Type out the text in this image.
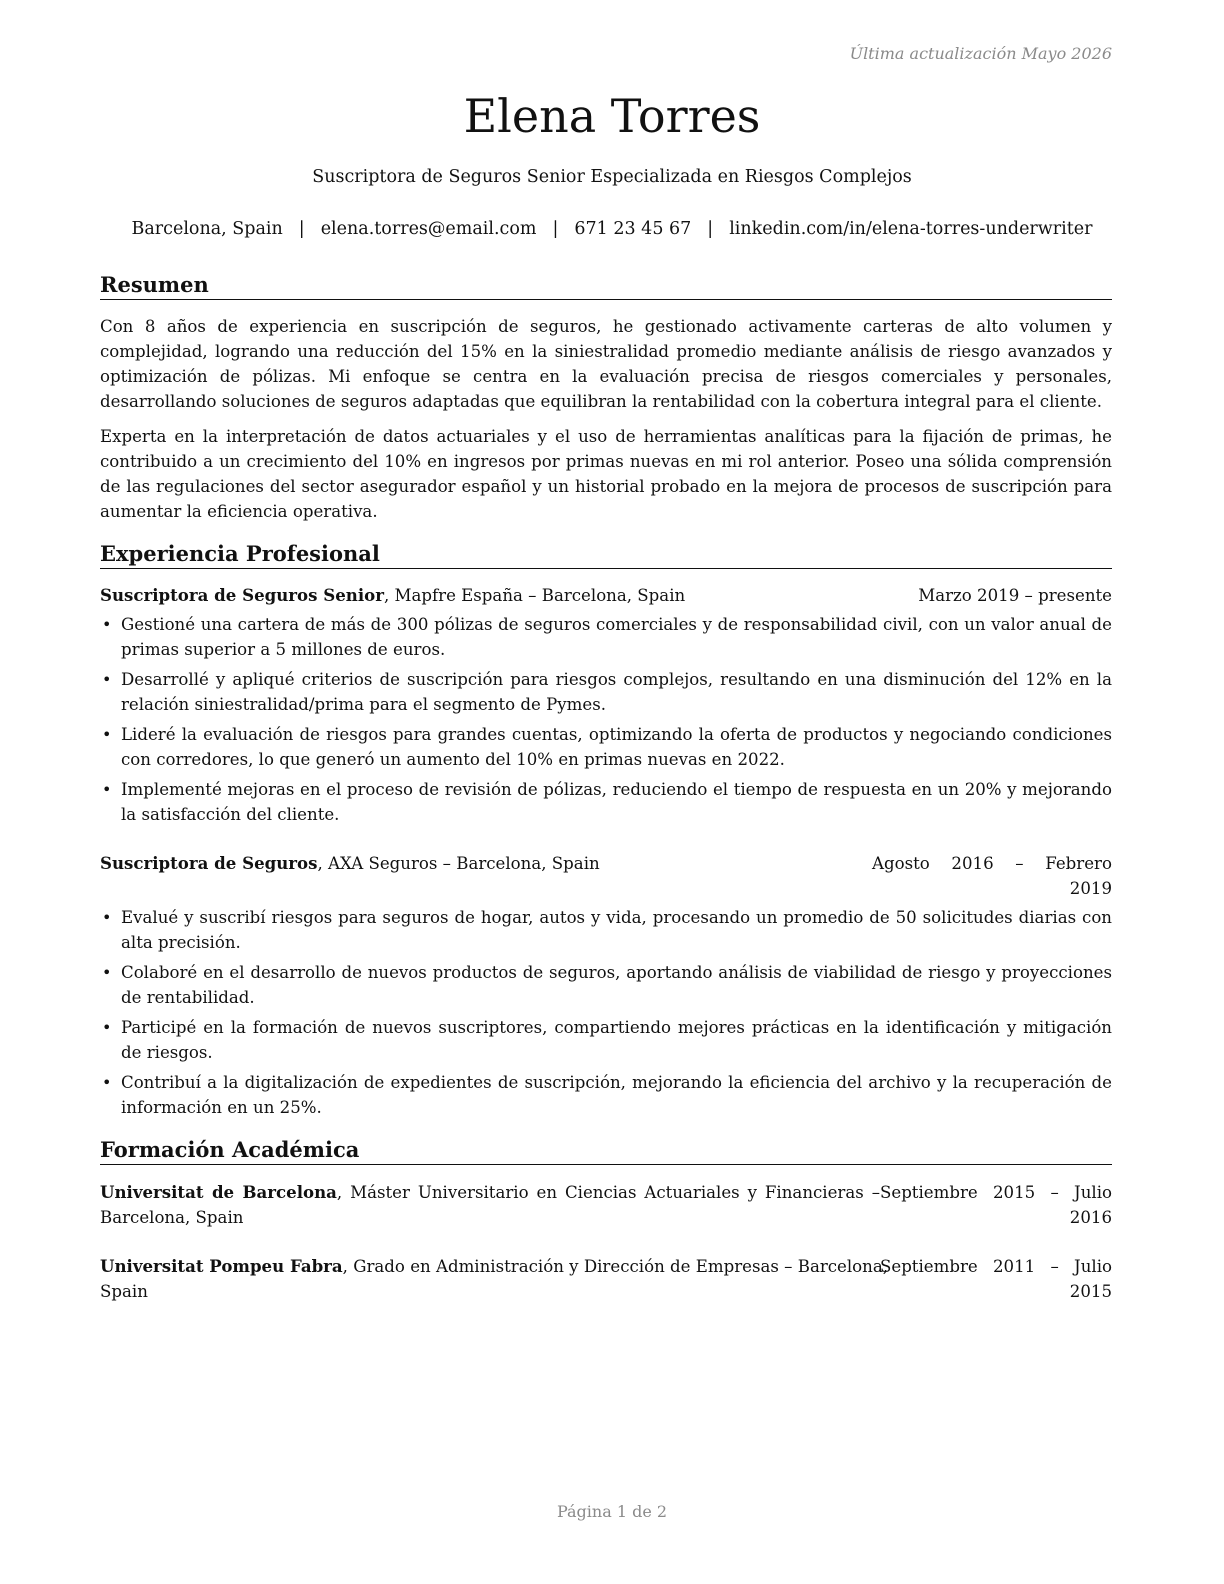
Última actualización Mayo 2026
Elena Torres
Suscriptora de Seguros Senior Especializada en Riesgos Complejos
Barcelona, Spain | elena.torres@email.com | 671 23 45 67 | linkedin.com/in/elena-torres-underwriter
Resumen

Con 8 años de experiencia en suscripción de seguros, he gestionado activamente carteras de alto volumen y complejidad, logrando una reducción del 15% en la siniestralidad promedio mediante análisis de riesgo avanzados y optimización de pólizas. Mi enfoque se centra en la evaluación precisa de riesgos comerciales y personales, desarrollando soluciones de seguros adaptadas que equilibran la rentabilidad con la cobertura integral para el cliente.

Experta en la interpretación de datos actuariales y el uso de herramientas analíticas para la fijación de primas, he contribuido a un crecimiento del 10% en ingresos por primas nuevas en mi rol anterior. Poseo una sólida comprensión de las regulaciones del sector asegurador español y un historial probado en la mejora de procesos de suscripción para aumentar la eficiencia operativa.

Experiencia Profesional
Suscriptora de Seguros Senior, Mapfre España – Barcelona, Spain	Marzo 2019 – presente
• Gestioné una cartera de más de 300 pólizas de seguros comerciales y de responsabilidad civil, con un valor anual de primas superior a 5 millones de euros.
• Desarrollé y apliqué criterios de suscripción para riesgos complejos, resultando en una disminución del 12% en la relación siniestralidad/prima para el segmento de Pymes.
• Lideré la evaluación de riesgos para grandes cuentas, optimizando la oferta de productos y negociando condiciones con corredores, lo que generó un aumento del 10% en primas nuevas en 2022.
• Implementé mejoras en el proceso de revisión de pólizas, reduciendo el tiempo de respuesta en un 20% y mejorando la satisfacción del cliente.
Suscriptora de Seguros, AXA Seguros – Barcelona, Spain	Agosto 2016 – Febrero
2019
• Evalué y suscribí riesgos para seguros de hogar, autos y vida, procesando un promedio de 50 solicitudes diarias con alta precisión.
• Colaboré en el desarrollo de nuevos productos de seguros, aportando análisis de viabilidad de riesgo y proyecciones de rentabilidad.
• Participé en la formación de nuevos suscriptores, compartiendo mejores prácticas en la identificación y mitigación de riesgos.
• Contribuí a la digitalización de expedientes de suscripción, mejorando la eficiencia del archivo y la recuperación de información en un 25%.
Formación Académica
Universitat de Barcelona, Máster Universitario en Ciencias Actuariales y Financieras –
Barcelona, Spain
Septiembre 2015 – Julio
2016
Universitat Pompeu Fabra, Grado en Administración y Dirección de Empresas – Barcelona,
Spain
Septiembre 2011 – Julio
2015
Página 1 de 2
